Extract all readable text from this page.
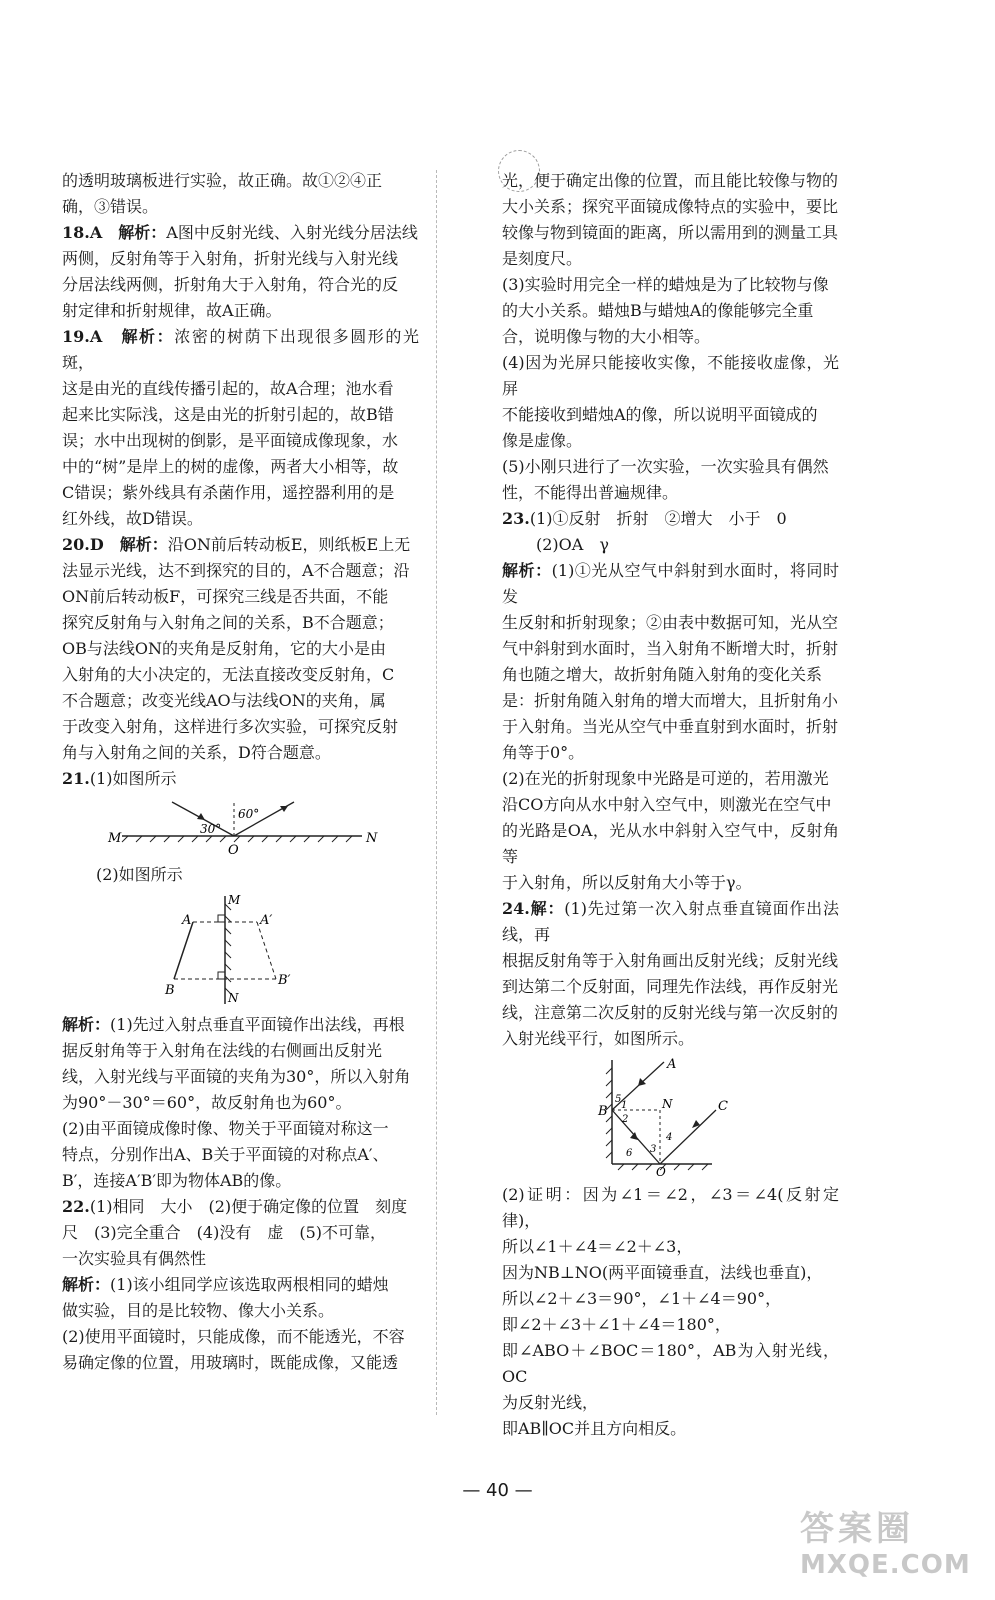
的透明玻璃板进行实验，故正确。故①②④正

确，③错误。

18.A　 解析：A图中反射光线、入射光线分居法线

两侧，反射角等于入射角，折射光线与入射光线

分居法线两侧，折射角大于入射角，符合光的反

射定律和折射规律，故A正确。

19.A　 解析：浓密的树荫下出现很多圆形的光斑，

这是由光的直线传播引起的，故A合理；池水看

起来比实际浅，这是由光的折射引起的，故B错

误；水中出现树的倒影，是平面镜成像现象，水

中的“树”是岸上的树的虚像，两者大小相等，故

C错误；紫外线具有杀菌作用，遥控器利用的是

红外线，故D错误。

20.D　 解析：沿ON前后转动板E，则纸板E上无

法显示光线，达不到探究的目的，A不合题意；沿

ON前后转动板F，可探究三线是否共面，不能

探究反射角与入射角之间的关系，B不合题意；

OB与法线ON的夹角是反射角，它的大小是由

入射角的大小决定的，无法直接改变反射角，C

不合题意；改变光线AO与法线ON的夹角，属

于改变入射角，这样进行多次实验，可探究反射

角与入射角之间的关系，D符合题意。

21.(1)如图所示

M	N
O
30°
60°

(2)如图所示

M
N
A	A′
B
B′

解析：(1)先过入射点垂直平面镜作出法线，再根

据反射角等于入射角在法线的右侧画出反射光

线，入射光线与平面镜的夹角为30°，所以入射角

为90°－30°＝60°，故反射角也为60°。

(2)由平面镜成像时像、物关于平面镜对称这一

特点，分别作出A、B关于平面镜的对称点A′、

B′，连接A′B′即为物体AB的像。

22.(1)相同　大小　(2)便于确定像的位置　刻度

尺　(3)完全重合　(4)没有　虚　(5)不可靠，

一次实验具有偶然性

解析：(1)该小组同学应该选取两根相同的蜡烛

做实验，目的是比较物、像大小关系。

(2)使用平面镜时，只能成像，而不能透光，不容

易确定像的位置，用玻璃时，既能成像，又能透

光，便于确定出像的位置，而且能比较像与物的

大小关系；探究平面镜成像特点的实验中，要比

较像与物到镜面的距离，所以需用到的测量工具

是刻度尺。

(3)实验时用完全一样的蜡烛是为了比较物与像

的大小关系。蜡烛B与蜡烛A的像能够完全重

合，说明像与物的大小相等。

(4)因为光屏只能接收实像，不能接收虚像，光屏

不能接收到蜡烛A的像，所以说明平面镜成的

像是虚像。

(5)小刚只进行了一次实验，一次实验具有偶然

性，不能得出普遍规律。

23.(1)①反射　折射　②增大　小于　0

(2)OA　γ

解析：(1)①光从空气中斜射到水面时，将同时发

生反射和折射现象；②由表中数据可知，光从空

气中斜射到水面时，当入射角不断增大时，折射

角也随之增大，故折射角随入射角的变化关系

是：折射角随入射角的增大而增大，且折射角小

于入射角。当光从空气中垂直射到水面时，折射

角等于0°。

(2)在光的折射现象中光路是可逆的，若用激光

沿CO方向从水中射入空气中，则激光在空气中

的光路是OA，光从水中斜射入空气中，反射角等

于入射角，所以反射角大小等于γ。

24.解：(1)先过第一次入射点垂直镜面作出法线，再

根据反射角等于入射角画出反射光线；反射光线

到达第二个反射面，同理先作法线，再作反射光

线，注意第二次反射的反射光线与第一次反射的

入射光线平行，如图所示。

A
B	C
N
O
1
2
3
4
5
6

(2)证明：因为∠1＝∠2，∠3＝∠4(反射定律)，

所以∠1＋∠4＝∠2＋∠3，

因为NB⊥NO(两平面镜垂直，法线也垂直)，

所以∠2＋∠3＝90°，∠1＋∠4＝90°，

即∠2＋∠3＋∠1＋∠4＝180°，

即∠ABO＋∠BOC＝180°，AB为入射光线，OC

为反射光线，

即AB∥OC并且方向相反。

— 40 —
答案圈
MXQE.COM
